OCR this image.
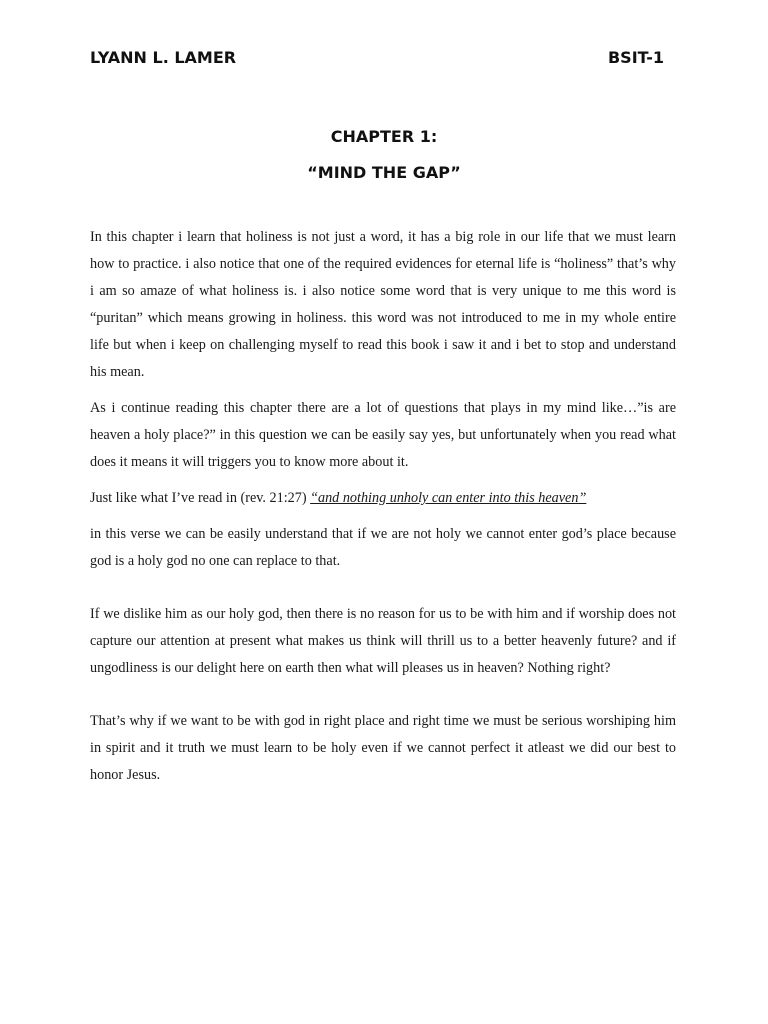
LYANN L. LAMER	BSIT-1
CHAPTER 1:
“MIND THE GAP”

In this chapter i learn that holiness is not just a word, it has a big role in our life that we must learn how to practice. i also notice that one of the required evidences for eternal life is “holiness” that’s why i am so amaze of what holiness is. i also notice some word that is very unique to me this word is “puritan” which means growing in holiness. this word was not introduced to me in my whole entire life but when i keep on challenging myself to read this book i saw it and i bet to stop and understand his mean.

As i continue reading this chapter there are a lot of questions that plays in my mind like…”is are heaven a holy place?” in this question we can be easily say yes, but unfortunately when you read what does it means it will triggers you to know more about it.

Just like what I’ve read in (rev. 21:27) “and nothing unholy can enter into this heaven”

in this verse we can be easily understand that if we are not holy we cannot enter god’s place because god is a holy god no one can replace to that.

If we dislike him as our holy god, then there is no reason for us to be with him and if worship does not capture our attention at present what makes us think will thrill us to a better heavenly future? and if ungodliness is our delight here on earth then what will pleases us in heaven? Nothing right?

That’s why if we want to be with god in right place and right time we must be serious worshiping him in spirit and it truth we must learn to be holy even if we cannot perfect it atleast we did our best to honor Jesus.
